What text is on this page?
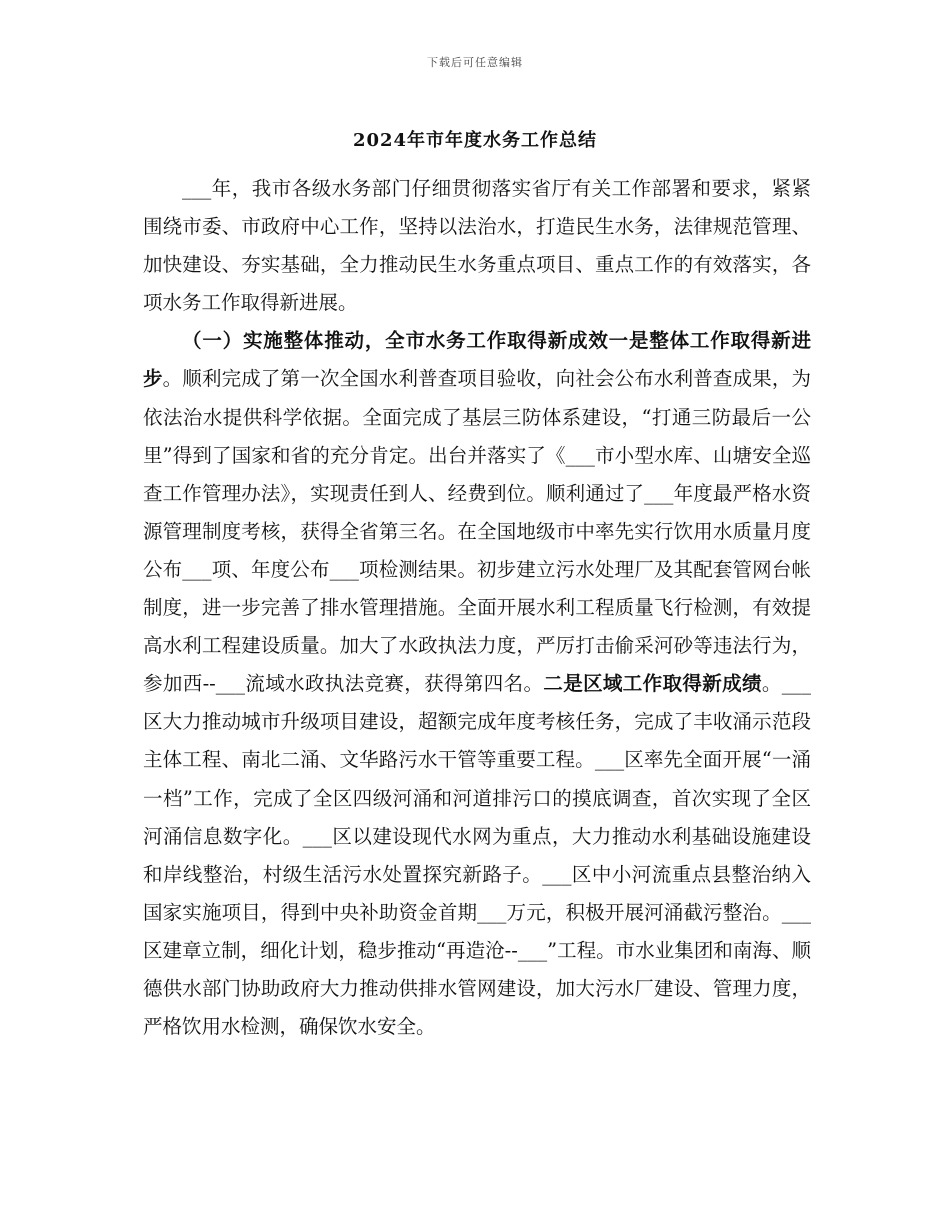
下载后可任意编辑
2024年市年度水务工作总结

___年，我市各级水务部门仔细贯彻落实省厅有关工作部署和要求，紧紧围绕市委、市政府中心工作，坚持以法治水，打造民生水务，法律规范管理、加快建设、夯实基础，全力推动民生水务重点项目、重点工作的有效落实，各项水务工作取得新进展。

（一）实施整体推动，全市水务工作取得新成效一是整体工作取得新进步。顺利完成了第一次全国水利普查项目验收，向社会公布水利普查成果，为依法治水提供科学依据。全面完成了基层三防体系建设，“打通三防最后一公里”得到了国家和省的充分肯定。出台并落实了《___市小型水库、山塘安全巡查工作管理办法》，实现责任到人、经费到位。顺利通过了___年度最严格水资源管理制度考核，获得全省第三名。在全国地级市中率先实行饮用水质量月度公布___项、年度公布___项检测结果。初步建立污水处理厂及其配套管网台帐制度，进一步完善了排水管理措施。全面开展水利工程质量飞行检测，有效提高水利工程建设质量。加大了水政执法力度，严厉打击偷采河砂等违法行为，参加西--___流域水政执法竞赛，获得第四名。二是区域工作取得新成绩。___区大力推动城市升级项目建设，超额完成年度考核任务，完成了丰收涌示范段主体工程、南北二涌、文华路污水干管等重要工程。___区率先全面开展“一涌一档”工作，完成了全区四级河涌和河道排污口的摸底调查，首次实现了全区河涌信息数字化。___区以建设现代水网为重点，大力推动水利基础设施建设和岸线整治，村级生活污水处置探究新路子。___区中小河流重点县整治纳入国家实施项目，得到中央补助资金首期___万元，积极开展河涌截污整治。___区建章立制，细化计划，稳步推动“再造沧--___”工程。市水业集团和南海、顺德供水部门协助政府大力推动供排水管网建设，加大污水厂建设、管理力度，严格饮用水检测，确保饮水安全。
